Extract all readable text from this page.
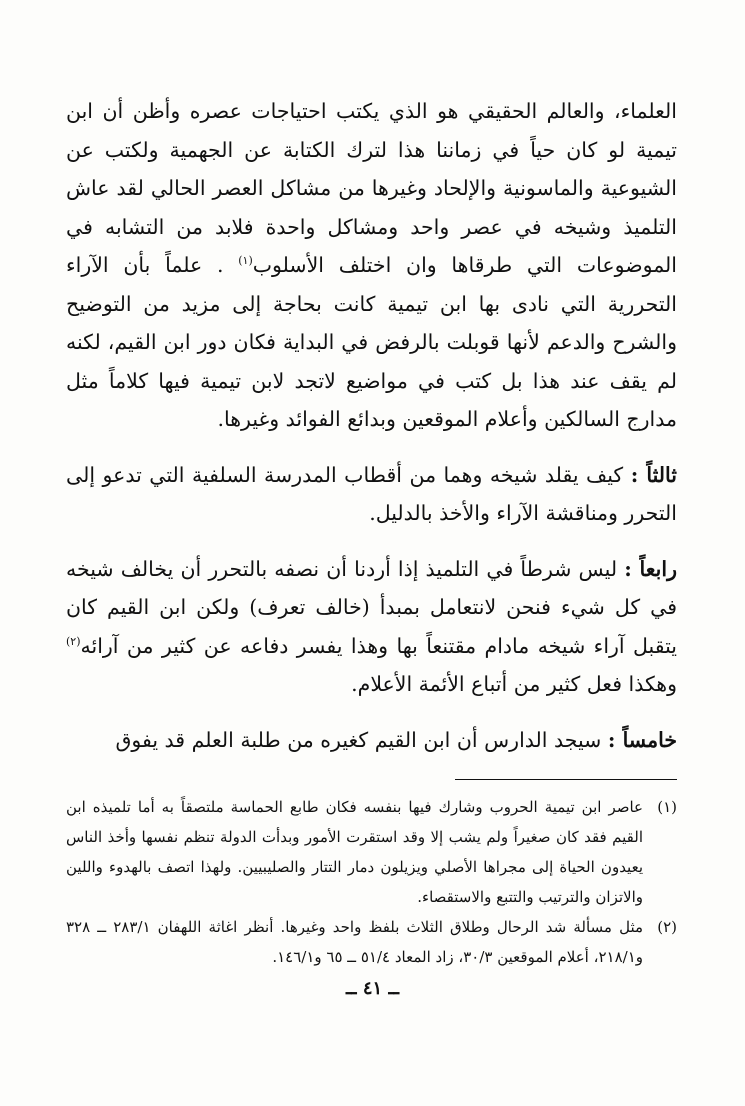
العلماء، والعالم الحقيقي هو الذي يكتب احتياجات عصره وأظن أن ابن تيمية لو كان حياً في زماننا هذا لترك الكتابة عن الجهمية ولكتب عن الشيوعية والماسونية والإلحاد وغيرها من مشاكل العصر الحالي لقد عاش التلميذ وشيخه في عصر واحد ومشاكل واحدة فلابد من التشابه في الموضوعات التي طرقاها وان اختلف الأسلوب$^{(١)}$ . علماً بأن الآراء التحررية التي نادى بها ابن تيمية كانت بحاجة إلى مزيد من التوضيح والشرح والدعم لأنها قوبلت بالرفض في البداية فكان دور ابن القيم، لكنه لم يقف عند هذا بل كتب في مواضيع لاتجد لابن تيمية فيها كلاماً مثل مدارج السالكين وأعلام الموقعين وبدائع الفوائد وغيرها.

ثالثاً : كيف يقلد شيخه وهما من أقطاب المدرسة السلفية التي تدعو إلى التحرر ومناقشة الآراء والأخذ بالدليل.

رابعاً : ليس شرطاً في التلميذ إذا أردنا أن نصفه بالتحرر أن يخالف شيخه في كل شيء فنحن لانتعامل بمبدأ (خالف تعرف) ولكن ابن القيم كان يتقبل آراء شيخه مادام مقتنعاً بها وهذا يفسر دفاعه عن كثير من آرائه$^{(٢)}$ وهكذا فعل كثير من أتباع الأئمة الأعلام.

خامساً : سيجد الدارس أن ابن القيم كغيره من طلبة العلم قد يفوق

(١)
عاصر ابن تيمية الحروب وشارك فيها بنفسه فكان طابع الحماسة ملتصقاً به أما تلميذه ابن القيم فقد كان صغيراً ولم يشب إلا وقد استقرت الأمور وبدأت الدولة تنظم نفسها وأخذ الناس يعيدون الحياة إلى مجراها الأصلي ويزيلون دمار التتار والصليبيين. ولهذا اتصف بالهدوء واللين والاتزان والترتيب والتتبع والاستقصاء.
(٢)
مثل مسألة شد الرحال وطلاق الثلاث بلفظ واحد وغيرها. أنظر اغاثة اللهفان ٢٨٣/١ ــ ٣٢٨ و٢١٨/١، أعلام الموقعين ٣٠/٣، زاد المعاد ٥١/٤ ــ ٦٥ و١٤٦/١.
ــ ٤١ ــ
